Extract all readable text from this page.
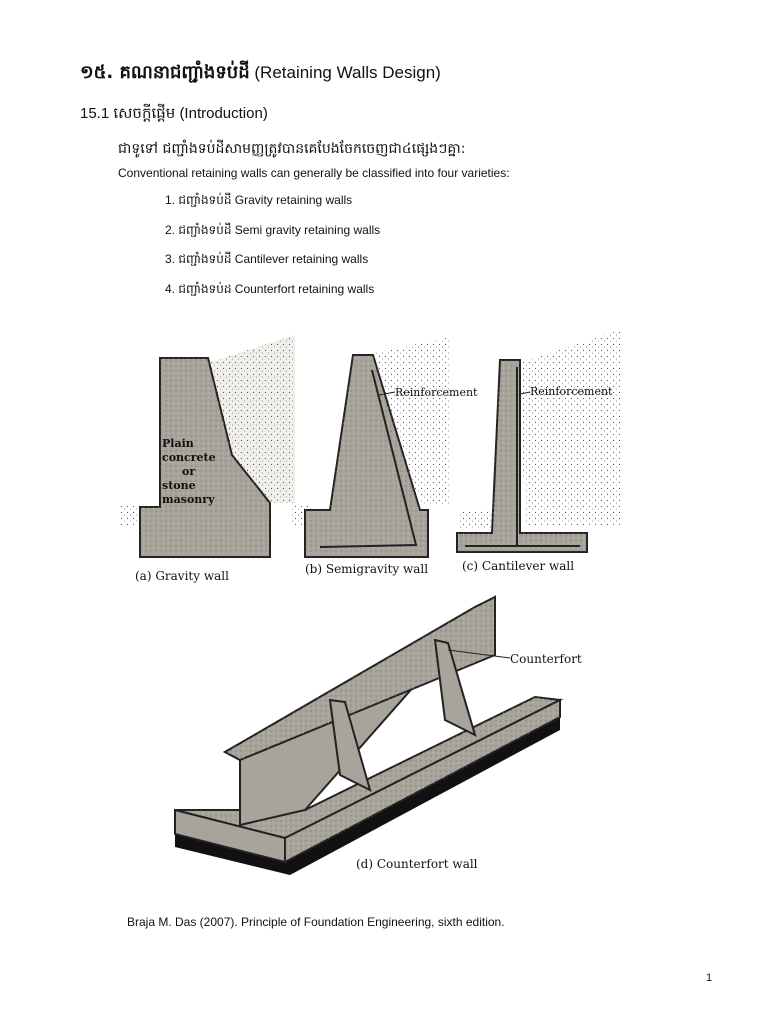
១៥. គណនាជញ្ជាំងទប់ដី (Retaining Walls Design)
15.1 សេចក្ដីផ្ដើម (Introduction)

ជាទូទៅ ជញ្ជាំងទប់ដីសាមញ្ញត្រូវបានគេបែងចែកចេញជា៤ផ្សេងៗគ្នា:

Conventional retaining walls can generally be classified into four varieties:

1. ជញ្ជាំងទប់ដី Gravity retaining walls
2. ជញ្ជាំងទប់ដី Semi gravity retaining walls
3. ជញ្ជាំងទប់ដី Cantilever retaining walls
4. ជញ្ជាំងទប់ដ Counterfort retaining walls
Plain
concrete
or
stone
masonry
(a) Gravity wall
Reinforcement
(b) Semigravity wall
Reinforcement
(c) Cantilever wall
Counterfort
(d) Counterfort wall

Braja M. Das (2007). Principle of Foundation Engineering, sixth edition.

1
